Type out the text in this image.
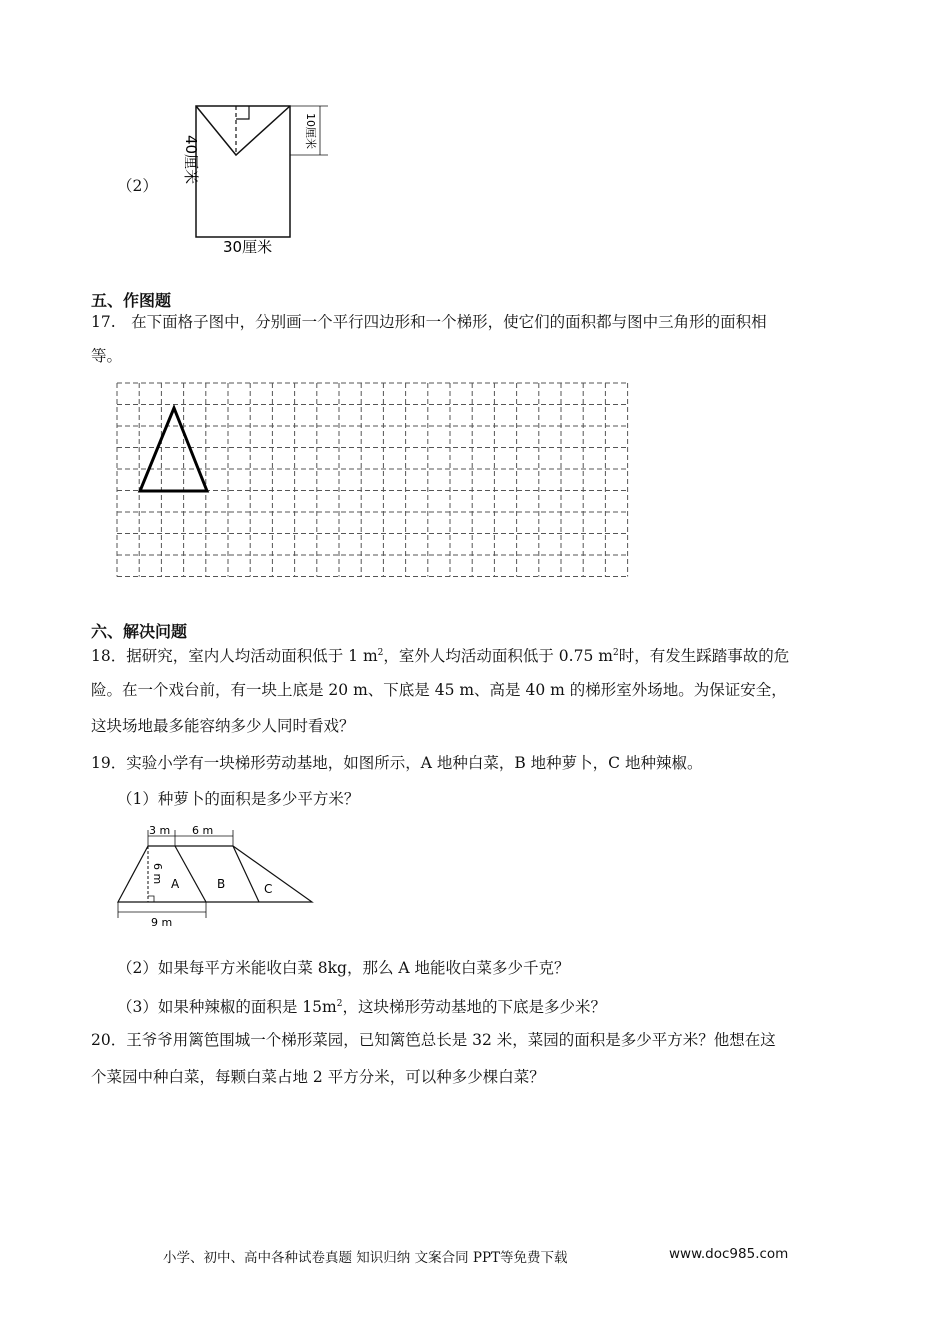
（2）
10厘米
40厘米
30厘米
五、作图题
17.　在下面格子图中，分别画一个平行四边形和一个梯形，使它们的面积都与图中三角形的面积相
等。
六、解决问题
18．据研究，室内人均活动面积低于 1 $m^2$，室外人均活动面积低于 0.75 $m^2$时，有发生踩踏事故的危
险。在一个戏台前，有一块上底是 20 m、下底是 45 m、高是 40 m 的梯形室外场地。为保证安全，
这块场地最多能容纳多少人同时看戏？
19．实验小学有一块梯形劳动基地，如图所示，A 地种白菜，B 地种萝卜，C 地种辣椒。
（1）种萝卜的面积是多少平方米？
3 m 6 m
6 m
9 m
A	B	C
（2）如果每平方米能收白菜 8kg，那么 A 地能收白菜多少千克？
（3）如果种辣椒的面积是 $15m^2$，这块梯形劳动基地的下底是多少米？
20．王爷爷用篱笆围城一个梯形菜园，已知篱笆总长是 32 米，菜园的面积是多少平方米？他想在这
个菜园中种白菜，每颗白菜占地 2 平方分米，可以种多少棵白菜？
小学、初中、高中各种试卷真题 知识归纳 文案合同 PPT等免费下载	www.doc985.com
